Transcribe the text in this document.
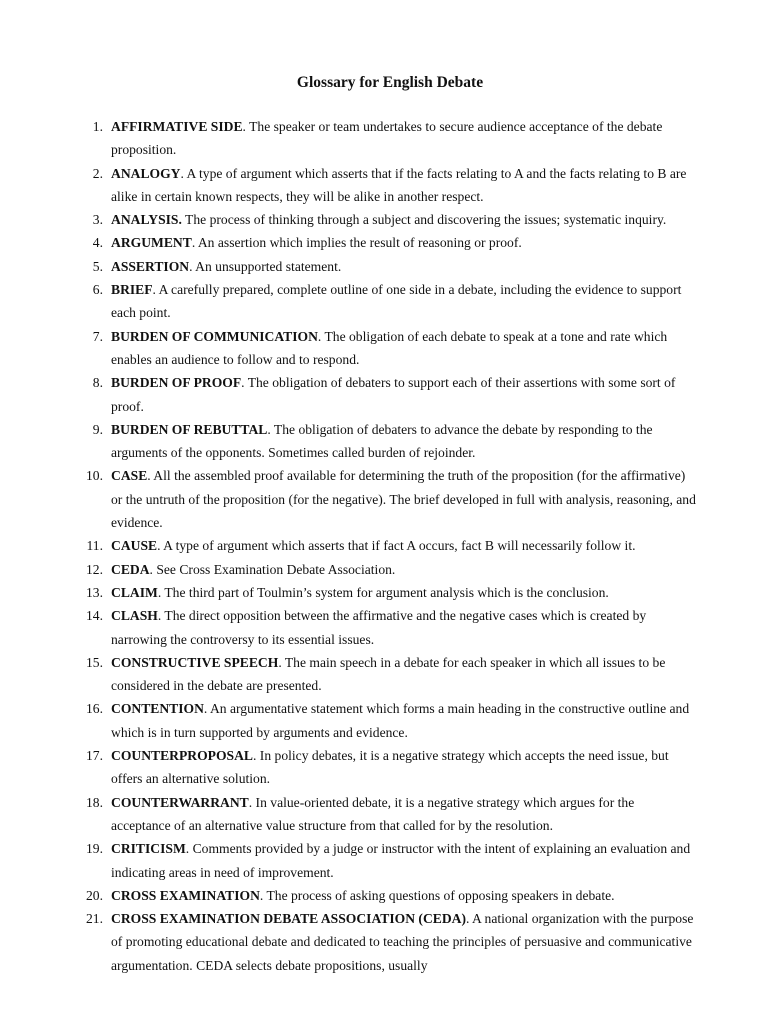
Glossary for English Debate
1. AFFIRMATIVE SIDE. The speaker or team undertakes to secure audience acceptance of the debate proposition.
2. ANALOGY. A type of argument which asserts that if the facts relating to A and the facts relating to B are alike in certain known respects, they will be alike in another respect.
3. ANALYSIS. The process of thinking through a subject and discovering the issues; systematic inquiry.
4. ARGUMENT. An assertion which implies the result of reasoning or proof.
5. ASSERTION. An unsupported statement.
6. BRIEF. A carefully prepared, complete outline of one side in a debate, including the evidence to support each point.
7. BURDEN OF COMMUNICATION. The obligation of each debate to speak at a tone and rate which enables an audience to follow and to respond.
8. BURDEN OF PROOF. The obligation of debaters to support each of their assertions with some sort of proof.
9. BURDEN OF REBUTTAL. The obligation of debaters to advance the debate by responding to the arguments of the opponents. Sometimes called burden of rejoinder.
10. CASE. All the assembled proof available for determining the truth of the proposition (for the affirmative) or the untruth of the proposition (for the negative). The brief developed in full with analysis, reasoning, and evidence.
11. CAUSE. A type of argument which asserts that if fact A occurs, fact B will necessarily follow it.
12. CEDA. See Cross Examination Debate Association.
13. CLAIM. The third part of Toulmin’s system for argument analysis which is the conclusion.
14. CLASH. The direct opposition between the affirmative and the negative cases which is created by narrowing the controversy to its essential issues.
15. CONSTRUCTIVE SPEECH. The main speech in a debate for each speaker in which all issues to be considered in the debate are presented.
16. CONTENTION. An argumentative statement which forms a main heading in the constructive outline and which is in turn supported by arguments and evidence.
17. COUNTERPROPOSAL. In policy debates, it is a negative strategy which accepts the need issue, but offers an alternative solution.
18. COUNTERWARRANT. In value-oriented debate, it is a negative strategy which argues for the acceptance of an alternative value structure from that called for by the resolution.
19. CRITICISM. Comments provided by a judge or instructor with the intent of explaining an evaluation and indicating areas in need of improvement.
20. CROSS EXAMINATION. The process of asking questions of opposing speakers in debate.
21. CROSS EXAMINATION DEBATE ASSOCIATION (CEDA). A national organization with the purpose of promoting educational debate and dedicated to teaching the principles of persuasive and communicative argumentation. CEDA selects debate propositions, usually
